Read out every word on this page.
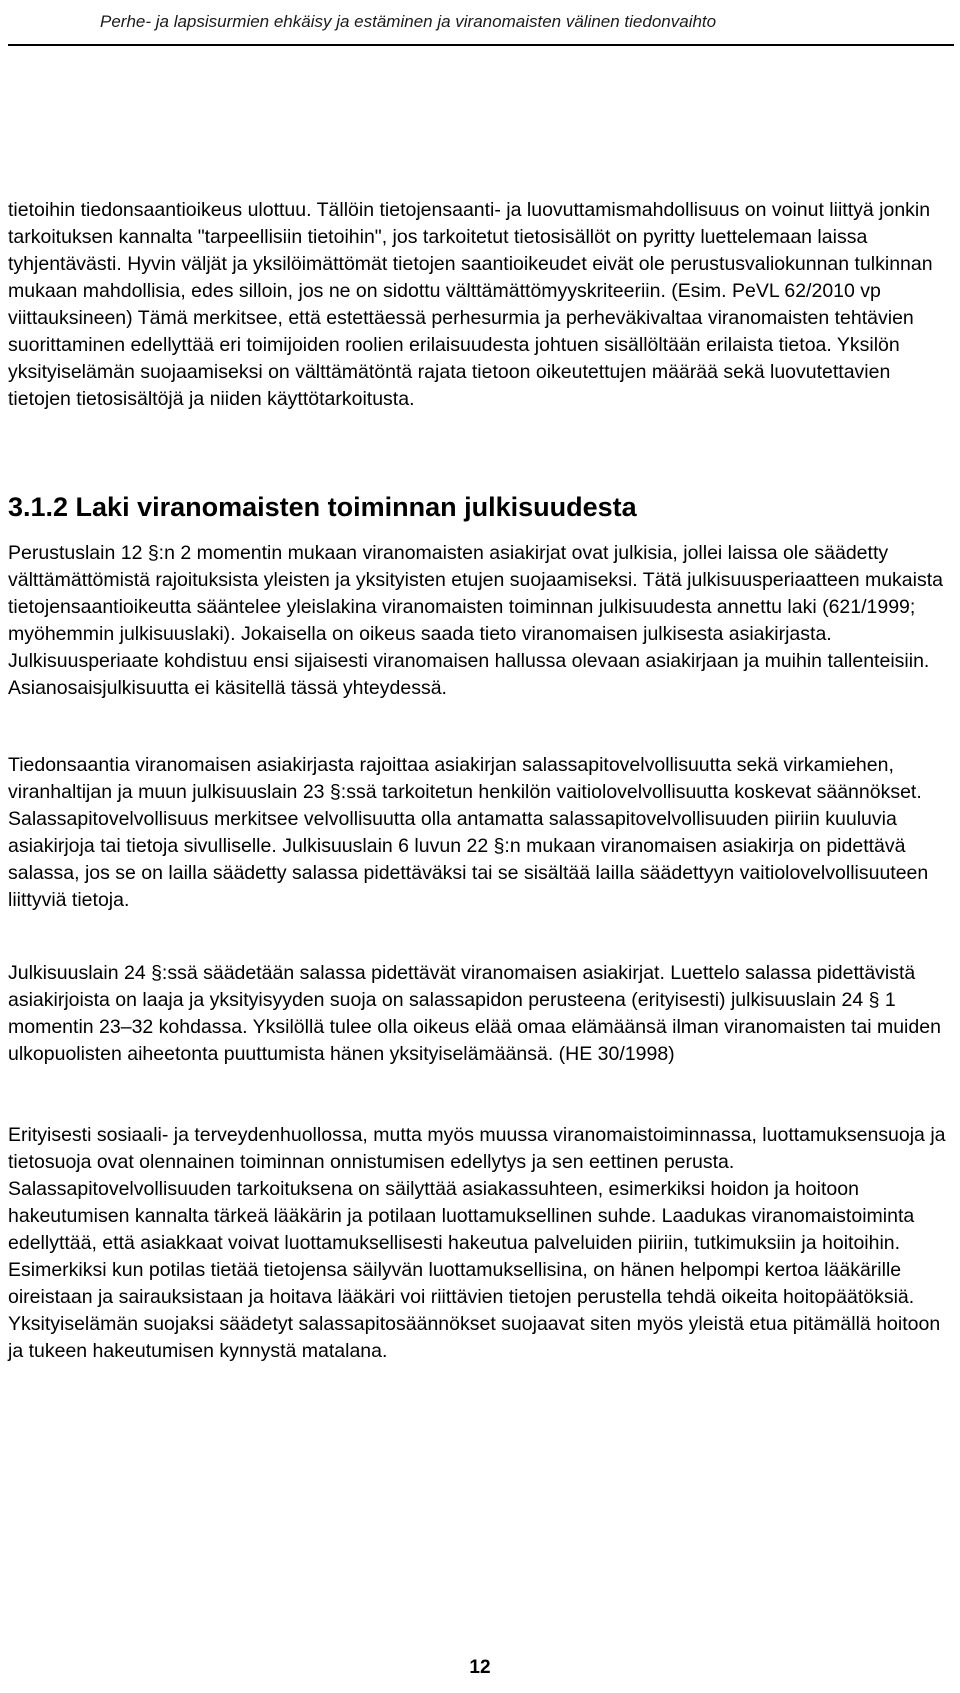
Perhe- ja lapsisurmien ehkäisy ja estäminen ja viranomaisten välinen tiedonvaihto

tietoihin tiedonsaantioikeus ulottuu. Tällöin tietojensaanti- ja luovuttamismahdollisuus on voinut liittyä jonkin tarkoituksen kannalta "tarpeellisiin tietoihin", jos tarkoitetut tietosisällöt on pyritty luettelemaan laissa tyhjentävästi. Hyvin väljät ja yksilöimättömät tietojen saantioikeudet eivät ole perustusvaliokunnan tulkinnan mukaan mahdollisia, edes silloin, jos ne on sidottu välttämättömyyskriteeriin. (Esim. PeVL 62/2010 vp viittauksineen) Tämä merkitsee, että estettäessä perhesurmia ja perheväkivaltaa viranomaisten tehtävien suorittaminen edellyttää eri toimijoiden roolien erilaisuudesta johtuen sisällöltään erilaista tietoa. Yksilön yksityiselämän suojaamiseksi on välttämätöntä rajata tietoon oikeutettujen määrää sekä luovutettavien tietojen tietosisältöjä ja niiden käyttötarkoitusta.

3.1.2 Laki viranomaisten toiminnan julkisuudesta

Perustuslain 12 §:n 2 momentin mukaan viranomaisten asiakirjat ovat julkisia, jollei laissa ole säädetty välttämättömistä rajoituksista yleisten ja yksityisten etujen suojaamiseksi. Tätä julkisuusperiaatteen mukaista tietojensaantioikeutta sääntelee yleislakina viranomaisten toiminnan julkisuudesta annettu laki (621/1999; myöhemmin julkisuuslaki). Jokaisella on oikeus saada tieto viranomaisen julkisesta asiakirjasta. Julkisuusperiaate kohdistuu ensi sijaisesti viranomaisen hallussa olevaan asiakirjaan ja muihin tallenteisiin. Asianosaisjulkisuutta ei käsitellä tässä yhteydessä.

Tiedonsaantia viranomaisen asiakirjasta rajoittaa asiakirjan salassapitovelvollisuutta sekä virkamiehen, viranhaltijan ja muun julkisuuslain 23 §:ssä tarkoitetun henkilön vaitiolovelvollisuutta koskevat säännökset. Salassapitovelvollisuus merkitsee velvollisuutta olla antamatta salassapitovelvollisuuden piiriin kuuluvia asiakirjoja tai tietoja sivulliselle. Julkisuuslain 6 luvun 22 §:n mukaan viranomaisen asiakirja on pidettävä salassa, jos se on lailla säädetty salassa pidettäväksi tai se sisältää lailla säädettyyn vaitiolovelvollisuuteen liittyviä tietoja.

Julkisuuslain 24 §:ssä säädetään salassa pidettävät viranomaisen asiakirjat. Luettelo salassa pidettävistä asiakirjoista on laaja ja yksityisyyden suoja on salassapidon perusteena (erityisesti) julkisuuslain 24 § 1 momentin 23–32 kohdassa. Yksilöllä tulee olla oikeus elää omaa elämäänsä ilman viranomaisten tai muiden ulkopuolisten aiheetonta puuttumista hänen yksityiselämäänsä. (HE 30/1998)

Erityisesti sosiaali- ja terveydenhuollossa, mutta myös muussa viranomaistoiminnassa, luottamuksensuoja ja tietosuoja ovat olennainen toiminnan onnistumisen edellytys ja sen eettinen perusta. Salassapitovelvollisuuden tarkoituksena on säilyttää asiakassuhteen, esimerkiksi hoidon ja hoitoon hakeutumisen kannalta tärkeä lääkärin ja potilaan luottamuksellinen suhde. Laadukas viranomaistoiminta edellyttää, että asiakkaat voivat luottamuksellisesti hakeutua palveluiden piiriin, tutkimuksiin ja hoitoihin. Esimerkiksi kun potilas tietää tietojensa säilyvän luottamuksellisina, on hänen helpompi kertoa lääkärille oireistaan ja sairauksistaan ja hoitava lääkäri voi riittävien tietojen perustella tehdä oikeita hoitopäätöksiä. Yksityiselämän suojaksi säädetyt salassapitosäännökset suojaavat siten myös yleistä etua pitämällä hoitoon ja tukeen hakeutumisen kynnystä matalana.

12
